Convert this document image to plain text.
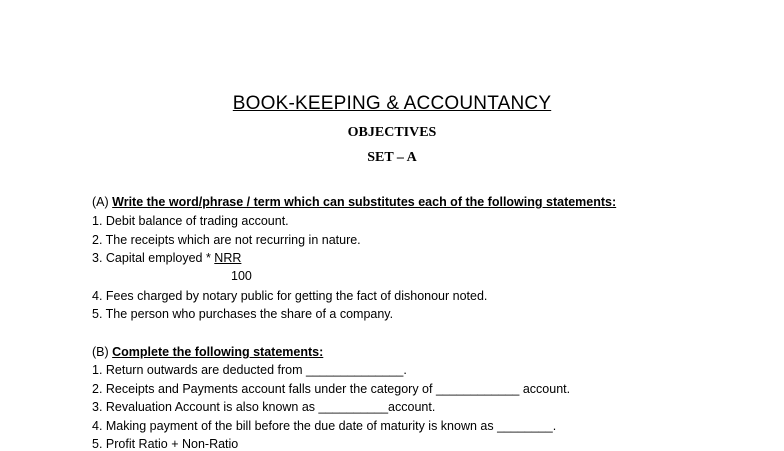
BOOK-KEEPING & ACCOUNTANCY
OBJECTIVES
SET – A
(A) Write the word/phrase / term which can substitutes each of the following statements:
1. Debit balance of trading account.
2. The receipts which are not recurring in nature.
3. Capital employed * NRR
100
4. Fees charged by notary public for getting the fact of dishonour noted.
5. The person who purchases the share of a company.
(B) Complete the following statements:
1. Return outwards are deducted from ______________.
2. Receipts and Payments account falls under the category of ____________ account.
3. Revaluation Account is also known as __________account.
4. Making payment of the bill before the due date of maturity is known as ________.
5. Profit Ratio + Non-Ratio
